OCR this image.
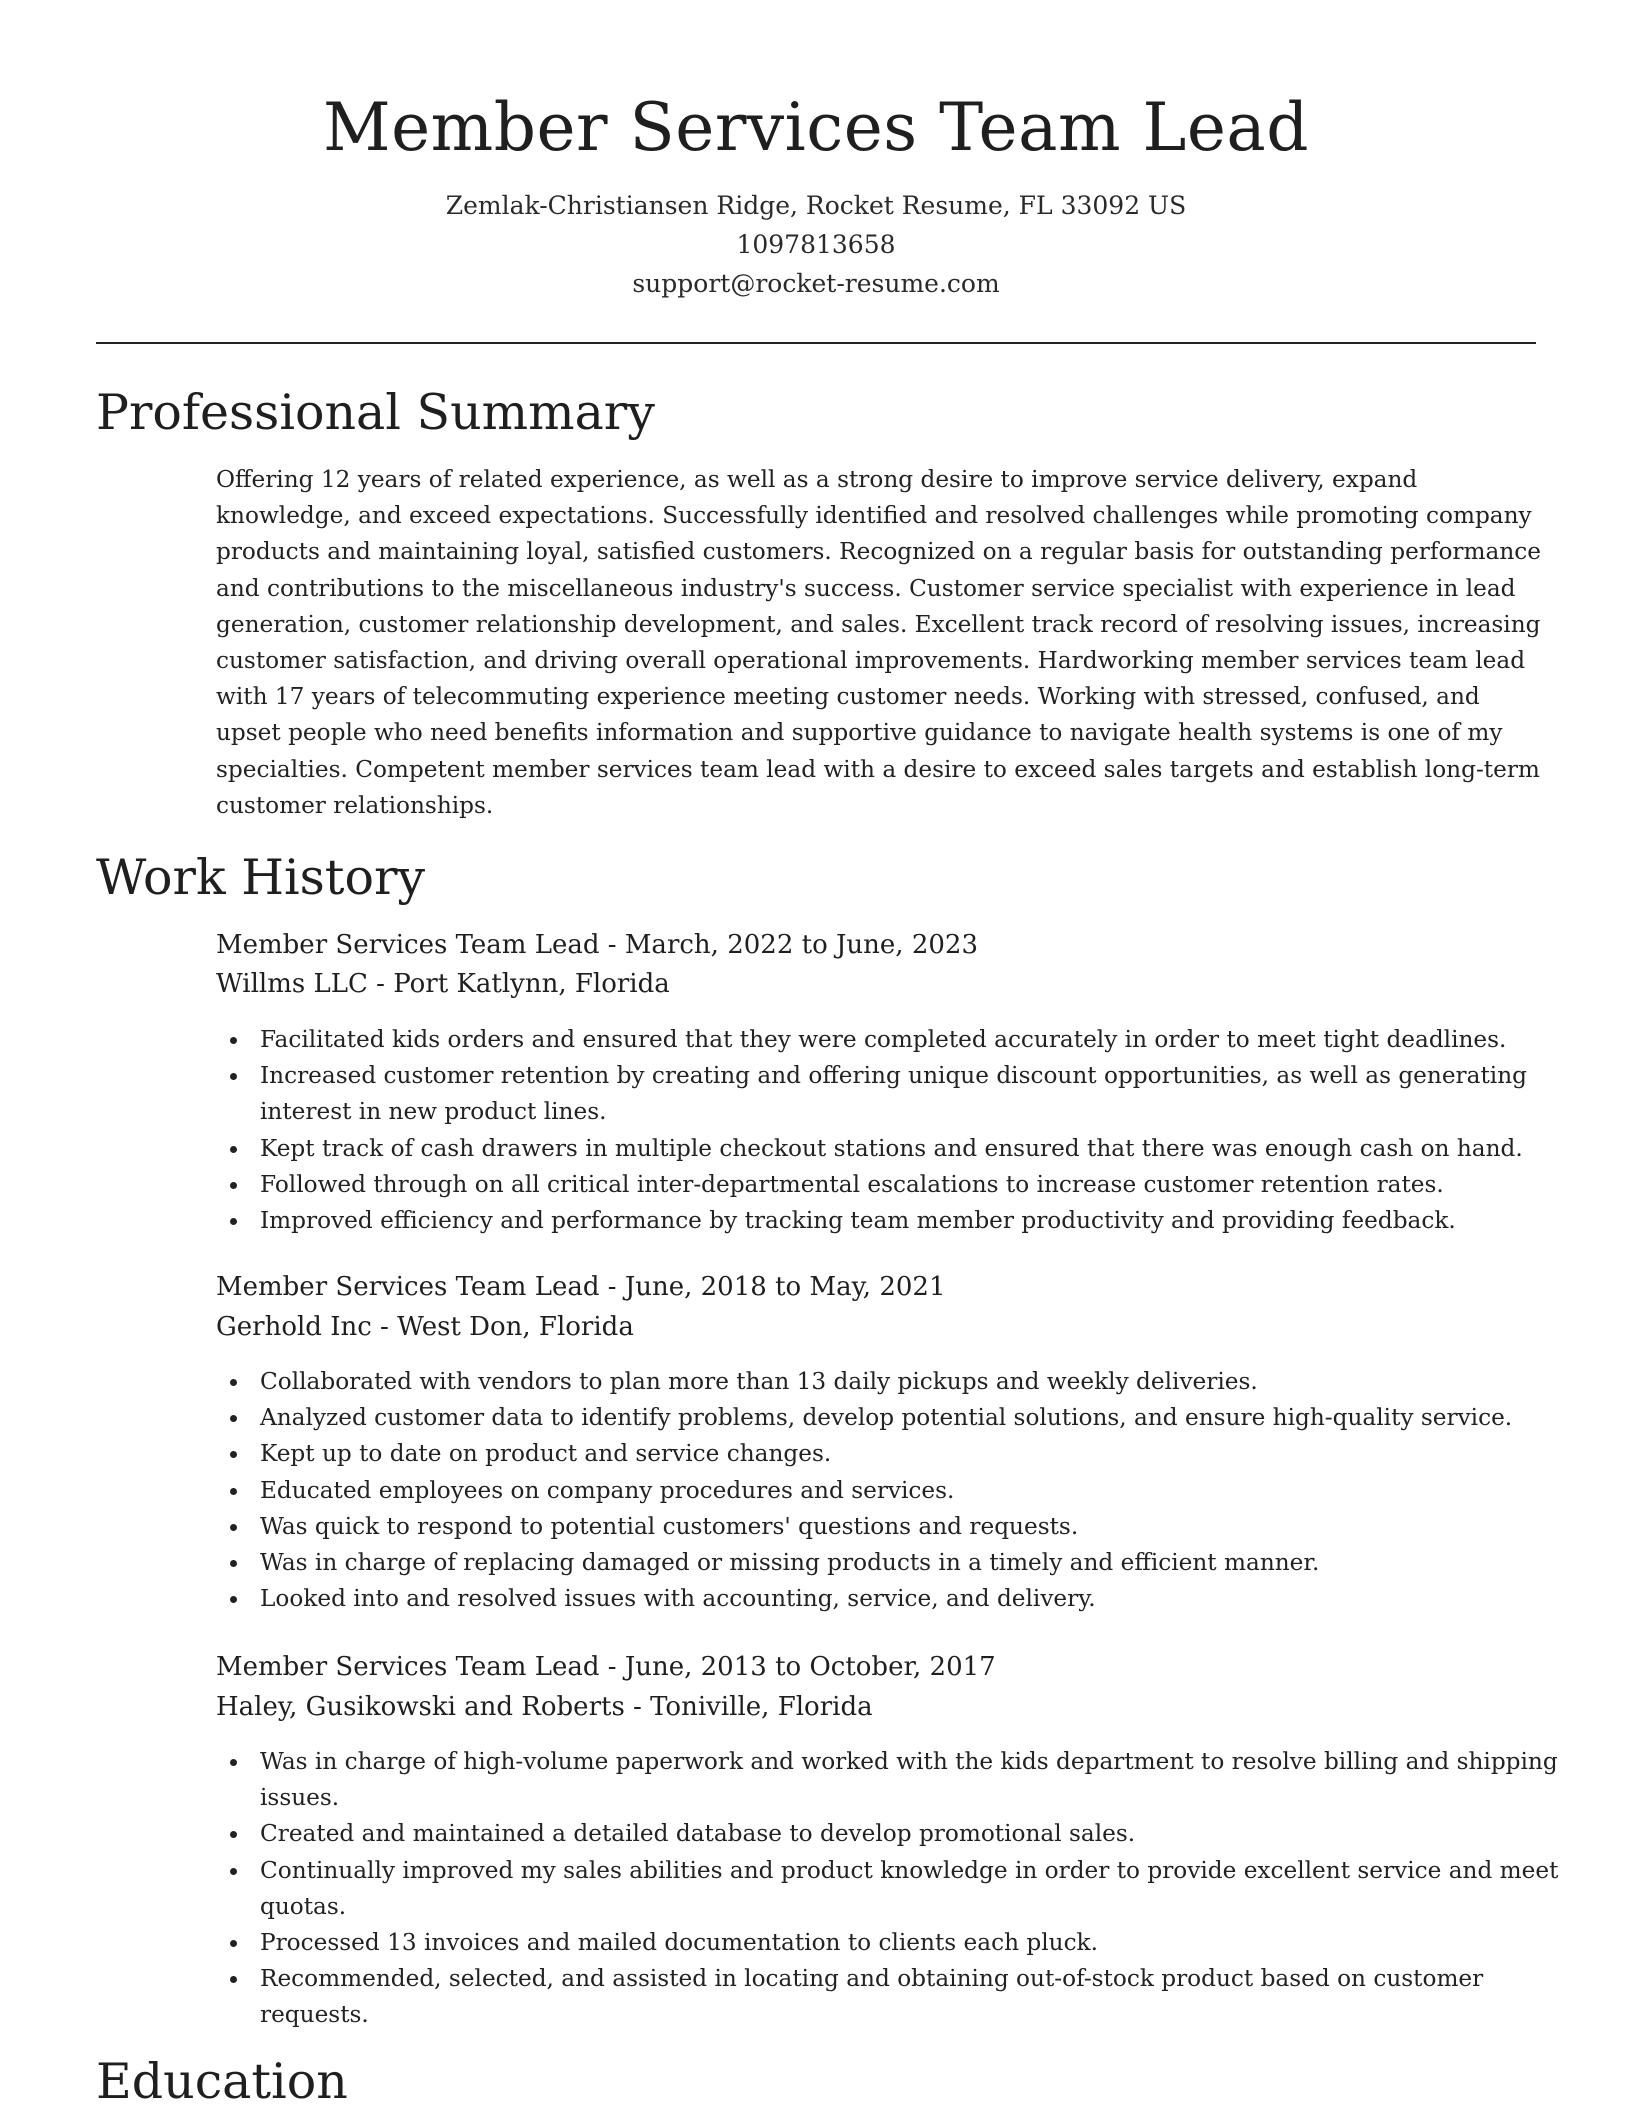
Member Services Team Lead
Zemlak-Christiansen Ridge, Rocket Resume, FL 33092 US
1097813658
support@rocket-resume.com
Professional Summary

Offering 12 years of related experience, as well as a strong desire to improve service delivery, expand knowledge, and exceed expectations. Successfully identified and resolved challenges while promoting company products and maintaining loyal, satisfied customers. Recognized on a regular basis for outstanding performance and contributions to the miscellaneous industry's success. Customer service specialist with experience in lead generation, customer relationship development, and sales. Excellent track record of resolving issues, increasing customer satisfaction, and driving overall operational improvements. Hardworking member services team lead with 17 years of telecommuting experience meeting customer needs. Working with stressed, confused, and upset people who need benefits information and supportive guidance to navigate health systems is one of my specialties. Competent member services team lead with a desire to exceed sales targets and establish long-term customer relationships.

Work History
Member Services Team Lead - March, 2022 to June, 2023
Willms LLC - Port Katlynn, Florida
Facilitated kids orders and ensured that they were completed accurately in order to meet tight deadlines.
Increased customer retention by creating and offering unique discount opportunities, as well as generating interest in new product lines.
Kept track of cash drawers in multiple checkout stations and ensured that there was enough cash on hand.
Followed through on all critical inter-departmental escalations to increase customer retention rates.
Improved efficiency and performance by tracking team member productivity and providing feedback.
Member Services Team Lead - June, 2018 to May, 2021
Gerhold Inc - West Don, Florida
Collaborated with vendors to plan more than 13 daily pickups and weekly deliveries.
Analyzed customer data to identify problems, develop potential solutions, and ensure high-quality service.
Kept up to date on product and service changes.
Educated employees on company procedures and services.
Was quick to respond to potential customers' questions and requests.
Was in charge of replacing damaged or missing products in a timely and efficient manner.
Looked into and resolved issues with accounting, service, and delivery.
Member Services Team Lead - June, 2013 to October, 2017
Haley, Gusikowski and Roberts - Toniville, Florida
Was in charge of high-volume paperwork and worked with the kids department to resolve billing and shipping issues.
Created and maintained a detailed database to develop promotional sales.
Continually improved my sales abilities and product knowledge in order to provide excellent service and meet quotas.
Processed 13 invoices and mailed documentation to clients each pluck.
Recommended, selected, and assisted in locating and obtaining out-of-stock product based on customer requests.
Education
